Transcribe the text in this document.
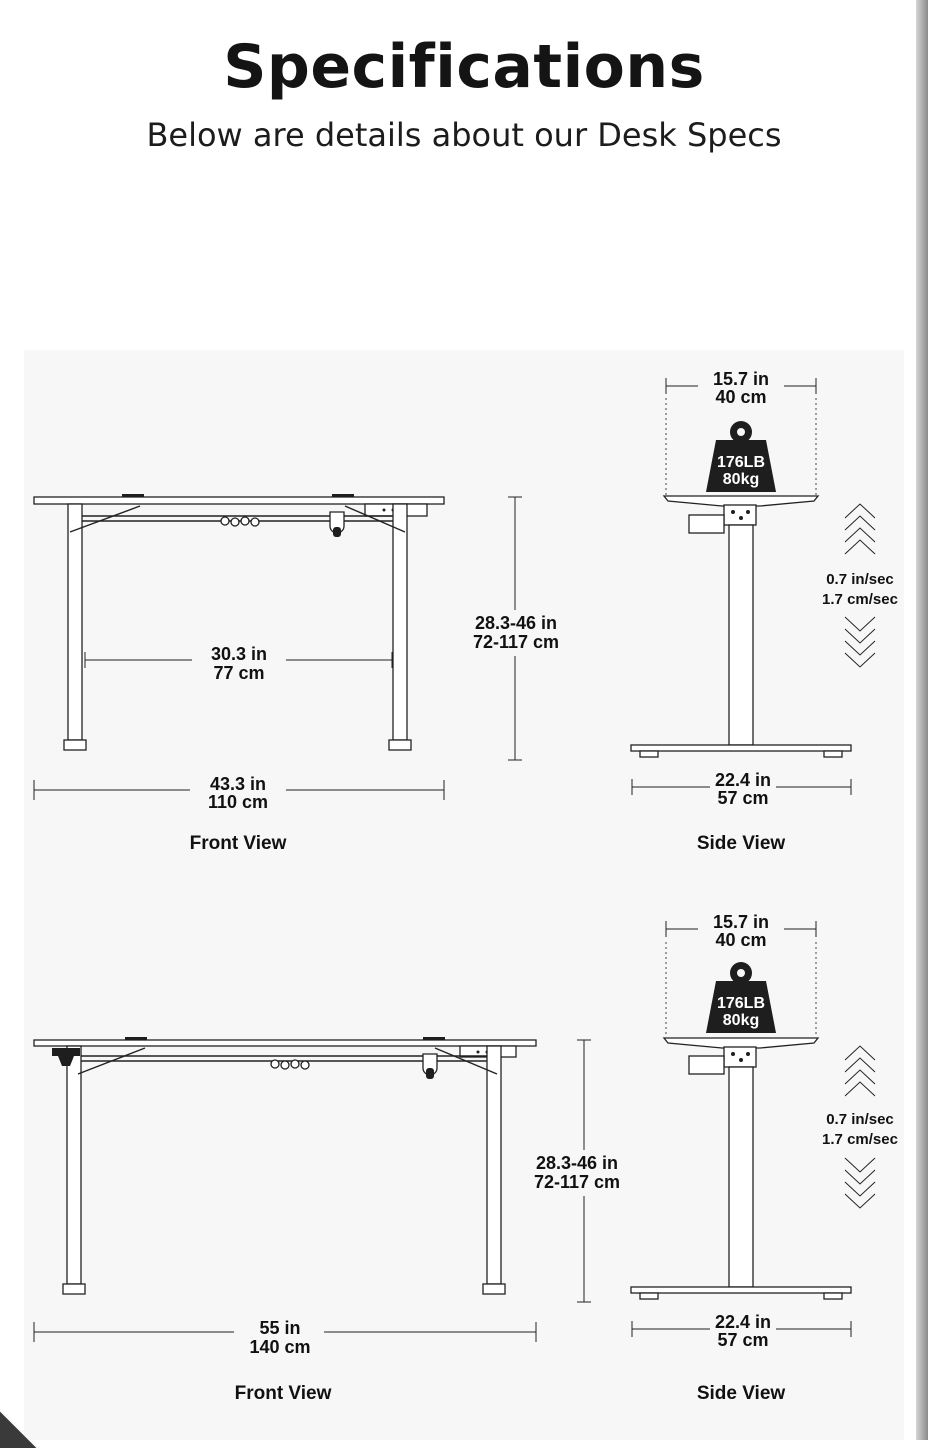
Specifications
Below are details about our Desk Specs
30.3 in
77 cm
43.3 in
110 cm
28.3-46 in
72-117 cm
Front View
15.7 in
40 cm
176LB
80kg
0.7 in/sec
1.7 cm/sec
22.4 in
57 cm
Side View
55 in
140 cm
28.3-46 in
72-117 cm
Front View
15.7 in
40 cm
176LB
80kg
0.7 in/sec
1.7 cm/sec
22.4 in
57 cm
Side View
